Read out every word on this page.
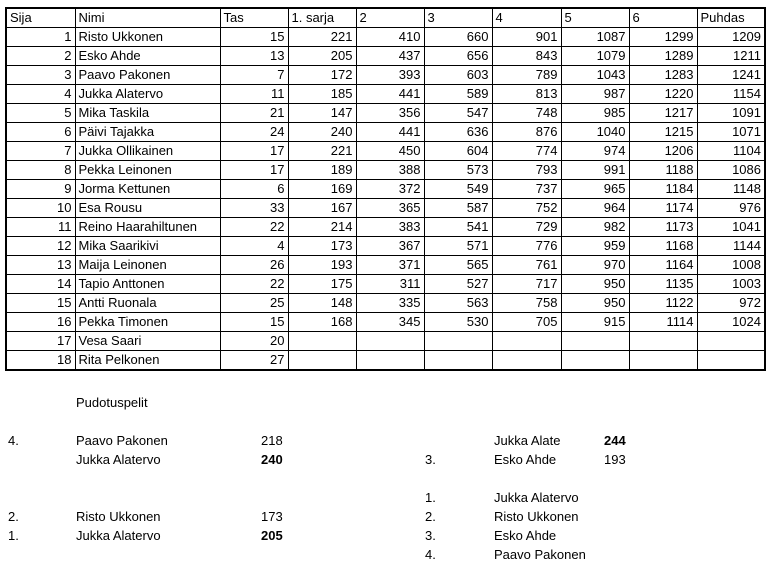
Sija	Nimi	Tas	1. sarja	2	3	4	5	6	Puhdas
1	Risto Ukkonen	15	221	410	660	901	1087	1299	1209
2	Esko Ahde	13	205	437	656	843	1079	1289	1211
3	Paavo Pakonen	7	172	393	603	789	1043	1283	1241
4	Jukka Alatervo	11	185	441	589	813	987	1220	1154
5	Mika Taskila	21	147	356	547	748	985	1217	1091
6	Päivi Tajakka	24	240	441	636	876	1040	1215	1071
7	Jukka Ollikainen	17	221	450	604	774	974	1206	1104
8	Pekka Leinonen	17	189	388	573	793	991	1188	1086
9	Jorma Kettunen	6	169	372	549	737	965	1184	1148
10	Esa Rousu	33	167	365	587	752	964	1174	976
11	Reino Haarahiltunen	22	214	383	541	729	982	1173	1041
12	Mika Saarikivi	4	173	367	571	776	959	1168	1144
13	Maija Leinonen	26	193	371	565	761	970	1164	1008
14	Tapio Anttonen	22	175	311	527	717	950	1135	1003
15	Antti Ruonala	25	148	335	563	758	950	1122	972
16	Pekka Timonen	15	168	345	530	705	915	1114	1024
17	Vesa Saari	20							
18	Rita Pelkonen	27							
Pudotuspelit
4.	Paavo Pakonen	218
Jukka Alatervo	240
2.	Risto Ukkonen	173
1.	Jukka Alatervo	205
Jukka Alate	244
3.	Esko Ahde	193
1.	Jukka Alatervo
2.	Risto Ukkonen
3.	Esko Ahde
4.	Paavo Pakonen
